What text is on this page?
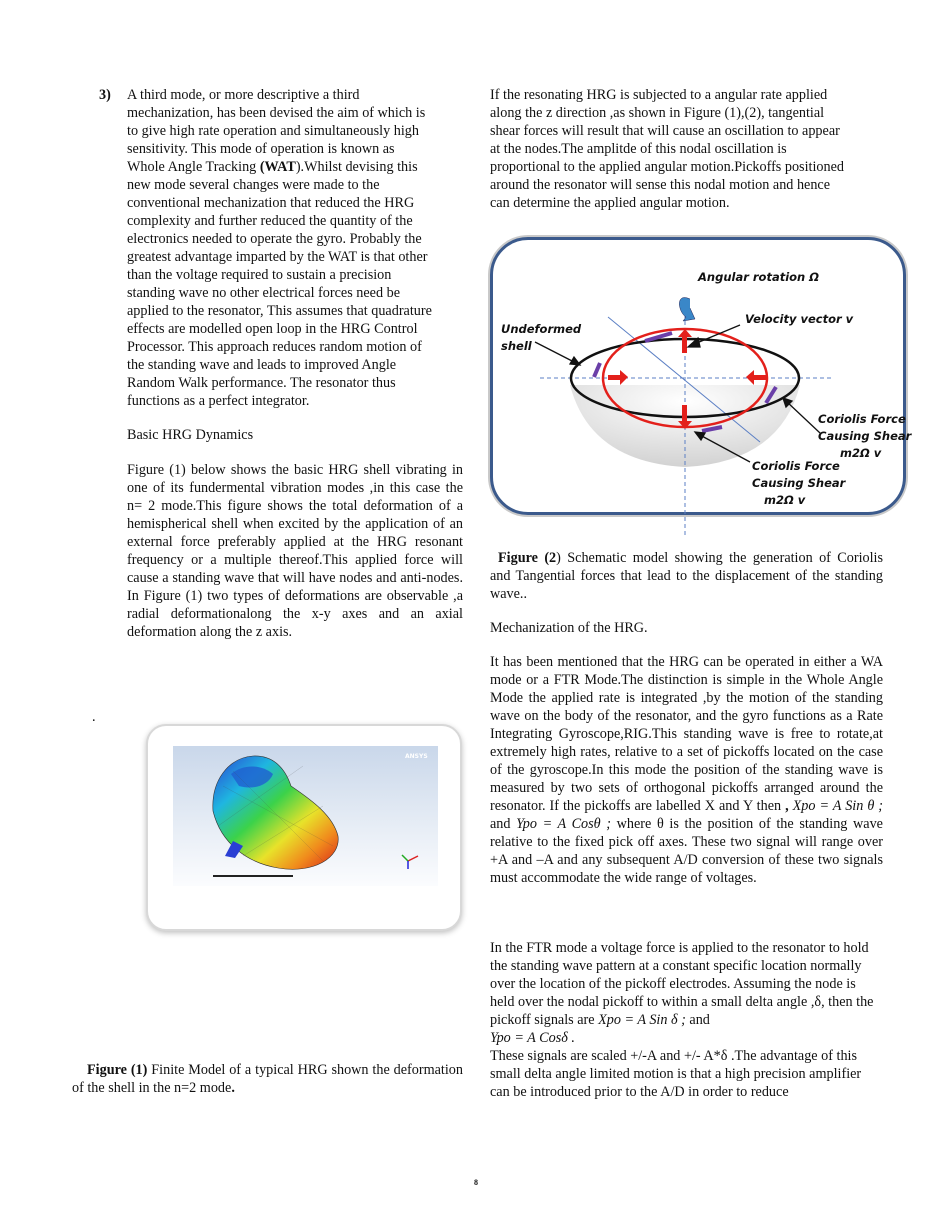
3) A third mode, or more descriptive a third
mechanization, has been devised the aim of which is
to give high rate operation and simultaneously high
sensitivity. This mode of operation is known as
Whole Angle Tracking (WAT).Whilst devising this
new mode several changes were made to the
conventional mechanization that reduced the HRG
complexity and further reduced the quantity of the
electronics needed to operate the gyro. Probably the
greatest advantage imparted by the WAT is that other
than the voltage required to sustain a precision
standing wave no other electrical forces need be
applied to the resonator, This assumes that quadrature
effects are modelled open loop in the HRG Control
Processor. This approach reduces random motion of
the standing wave and leads to improved Angle
Random Walk performance. The resonator thus
functions as a perfect integrator.
Basic HRG Dynamics

Figure (1) below shows the basic HRG shell vibrating in one of its fundermental vibration modes ,in this case the n= 2 mode.This figure shows the total deformation of a hemispherical shell when excited by the application of an external force preferably applied at the HRG resonant frequency or a multiple thereof.This applied force will cause a standing wave that will have nodes and anti-nodes. In Figure (1) two types of deformations are observable ,a radial deformationalong the x-y axes and an axial deformation along the z axis.

.
ANSYS

Figure (1) Finite Model of a typical HRG shown the deformation of the shell in the n=2 mode.

If the resonating HRG is subjected to a angular rate applied
along the z direction ,as shown in Figure (1),(2), tangential
shear forces will result that will cause an oscillation to appear
at the nodes.The amplitde of this nodal oscillation is
proportional to the applied angular motion.Pickoffs positioned
around the resonator will sense this nodal motion and hence
can determine the applied angular motion.
Angular rotation Ω
Velocity vector v
Undeformed
shell
Coriolis Force
Causing Shear
m2Ω v
Coriolis Force
Causing Shear
m2Ω v

Figure (2) Schematic model showing the generation of Coriolis and Tangential forces that lead to the displacement of the standing wave..

Mechanization of the HRG.

It has been mentioned that the HRG can be operated in either a WA mode or a FTR Mode.The distinction is simple in the Whole Angle Mode the applied rate is integrated ,by the motion of the standing wave on the body of the resonator, and the gyro functions as a Rate Integrating Gyroscope,RIG.This standing wave is free to rotate,at extremely high rates, relative to a set of pickoffs located on the case of the gyroscope.In this mode the position of the standing wave is measured by two sets of orthogonal pickoffs arranged around the resonator. If the pickoffs are labelled X and Y then , Xpo = A Sin θ ; and Ypo = A Cosθ ; where θ is the position of the standing wave relative to the fixed pick off axes. These two signal will range over +A and –A and any subsequent A/D conversion of these two signals must accommodate the wide range of voltages.

In the FTR mode a voltage force is applied to the resonator to hold the standing wave pattern at a constant specific location normally over the location of the pickoff electrodes. Assuming the node is held over the nodal pickoff to within a small delta angle ,δ, then the pickoff signals are Xpo = A Sin δ ; and
Ypo = A Cosδ .
These signals are scaled +/-A and +/- A*δ .The advantage of this small delta angle limited motion is that a high precision amplifier can be introduced prior to the A/D in order to reduce

8
